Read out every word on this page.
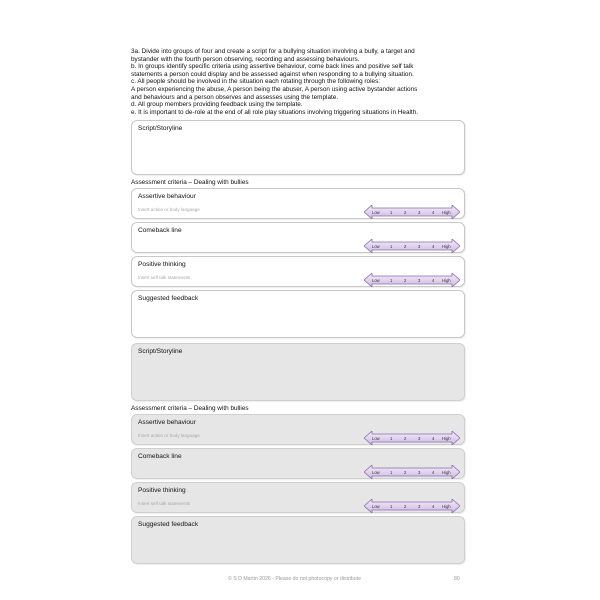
3a. Divide into groups of four and create a script for a bullying situation involving a bully, a target and
bystander with the fourth person observing, recording and assessing behaviours.
b. In groups identify specific criteria using assertive behaviour, come back lines and positive self talk
statements a person could display and be assessed against when responding to a bullying situation.
c. All people should be involved in the situation each rotating through the following roles:
A person experiencing the abuse, A person being the abuser, A person using active bystander actions
and behaviours and a person observes and assesses using the template.
d. All group members providing feedback using the template.
e. It is important to de-role at the end of all role play situations involving triggering situations in Health.
Script/Storyline
Assessment criteria – Dealing with bullies
Assertive behaviour
Insert action or body language	Low 1	2	3	4 High
Comeback line
Low 1	2	3	4 High
Positive thinking
Insert self talk statements	Low 1	2	3	4 High
Suggested feedback
Script/Storyline
Assessment criteria – Dealing with bullies
Assertive behaviour
Insert action or body language	Low 1	2	3	4 High
Comeback line
Low 1	2	3	4 High
Positive thinking
Insert self talk statements	Low 1	2	3	4 High
Suggested feedback
© S D Martin 2026 - Please do not photocopy or distribute	80
